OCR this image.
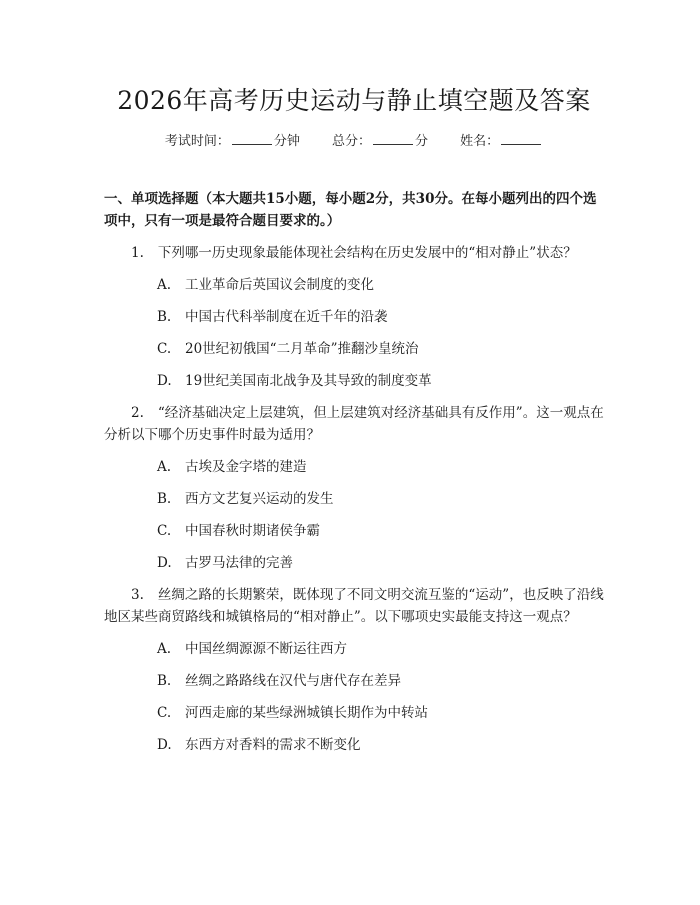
2026年高考历史运动与静止填空题及答案
考试时间：	分钟 总分：	分 姓名：
一、单项选择题（本大题共15小题，每小题2分，共30分。在每小题列出的四个选项中，只有一项是最符合题目要求的。）
1. 下列哪一历史现象最能体现社会结构在历史发展中的“相对静止”状态？
A. 工业革命后英国议会制度的变化
B. 中国古代科举制度在近千年的沿袭
C. 20世纪初俄国“二月革命”推翻沙皇统治
D. 19世纪美国南北战争及其导致的制度变革
2. “经济基础决定上层建筑，但上层建筑对经济基础具有反作用”。这一观点在分析以下哪个历史事件时最为适用？
A. 古埃及金字塔的建造
B. 西方文艺复兴运动的发生
C. 中国春秋时期诸侯争霸
D. 古罗马法律的完善
3. 丝绸之路的长期繁荣，既体现了不同文明交流互鉴的“运动”，也反映了沿线地区某些商贸路线和城镇格局的“相对静止”。以下哪项史实最能支持这一观点？
A. 中国丝绸源源不断运往西方
B. 丝绸之路路线在汉代与唐代存在差异
C. 河西走廊的某些绿洲城镇长期作为中转站
D. 东西方对香料的需求不断变化
